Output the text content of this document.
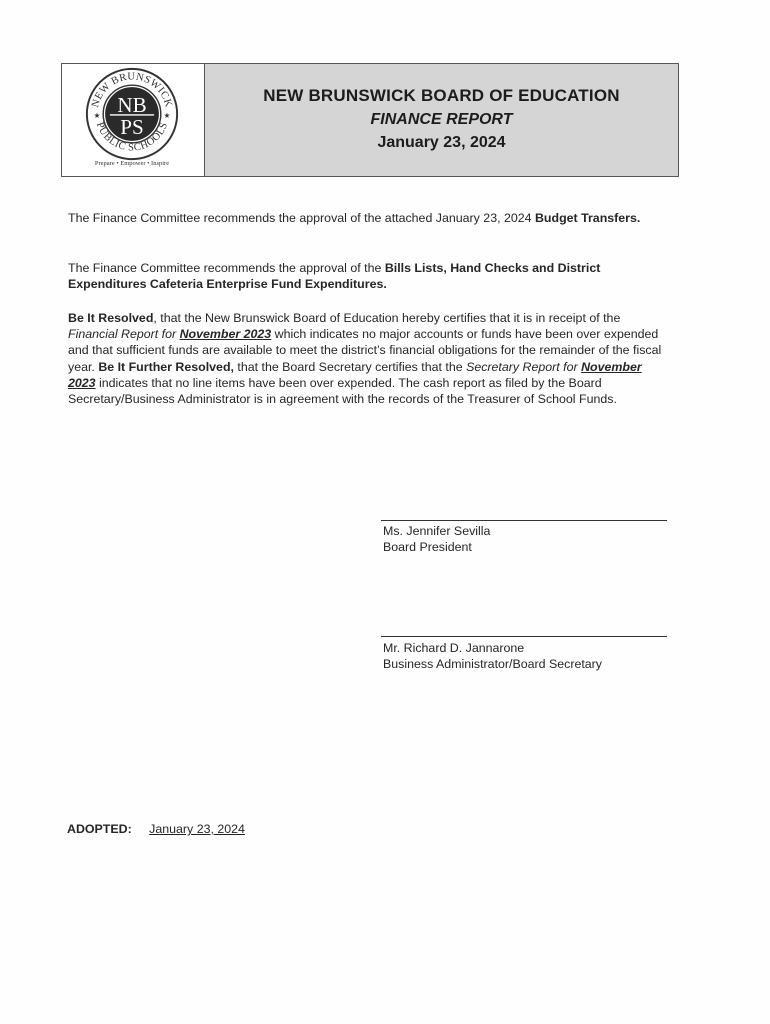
NEW BRUNSWICK
PUBLIC SCHOOLS
★	★
NB
PS
Prepare • Empower • Inspire
NEW BRUNSWICK BOARD OF EDUCATION
FINANCE REPORT
January 23, 2024

The Finance Committee recommends the approval of the attached January 23, 2024 Budget Transfers.

The Finance Committee recommends the approval of the Bills Lists, Hand Checks and District Expenditures Cafeteria Enterprise Fund Expenditures.

Be It Resolved, that the New Brunswick Board of Education hereby certifies that it is in receipt of the Financial Report for November 2023 which indicates no major accounts or funds have been over expended and that sufficient funds are available to meet the district’s financial obligations for the remainder of the fiscal year. Be It Further Resolved, that the Board Secretary certifies that the Secretary Report for November 2023 indicates that no line items have been over expended. The cash report as filed by the Board Secretary/Business Administrator is in agreement with the records of the Treasurer of School Funds.

Ms. Jennifer Sevilla
Board President
Mr. Richard D. Jannarone
Business Administrator/Board Secretary
ADOPTED: January 23, 2024
